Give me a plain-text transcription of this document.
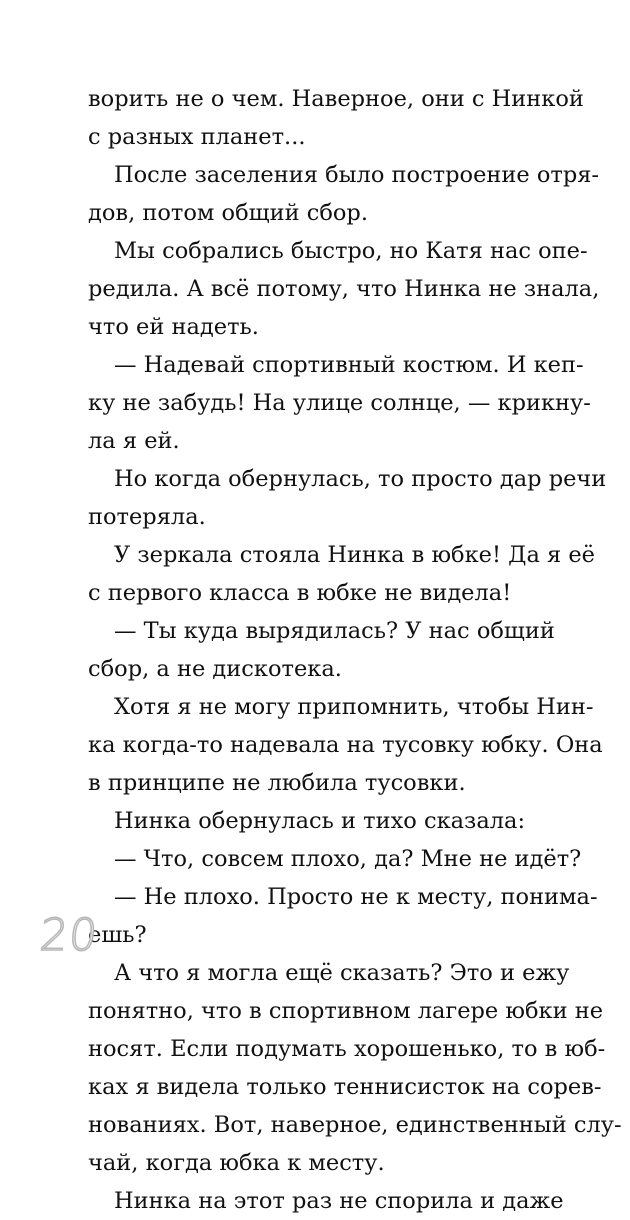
ворить не о чем. Наверное, они с Нинкой
с разных планет...
После заселения было построение отря-
дов, потом общий сбор.
Мы собрались быстро, но Катя нас опе-
редила. А всё потому, что Нинка не знала,
что ей надеть.
— Надевай спортивный костюм. И кеп-
ку не забудь! На улице солнце, — крикну-
ла я ей.
Но когда обернулась, то просто дар речи
потеряла.
У зеркала стояла Нинка в юбке! Да я её
с первого класса в юбке не видела!
— Ты куда вырядилась? У нас общий
сбор, а не дискотека.
Хотя я не могу припомнить, чтобы Нин-
ка когда-то надевала на тусовку юбку. Она
в принципе не любила тусовки.
Нинка обернулась и тихо сказала:
— Что, совсем плохо, да? Мне не идёт?
— Не плохо. Просто не к месту, понима-
ешь?
А что я могла ещё сказать? Это и ежу
понятно, что в спортивном лагере юбки не
носят. Если подумать хорошенько, то в юб-
ках я видела только теннисисток на сорев-
нованиях. Вот, наверное, единственный слу-
чай, когда юбка к месту.
Нинка на этот раз не спорила и даже
20
